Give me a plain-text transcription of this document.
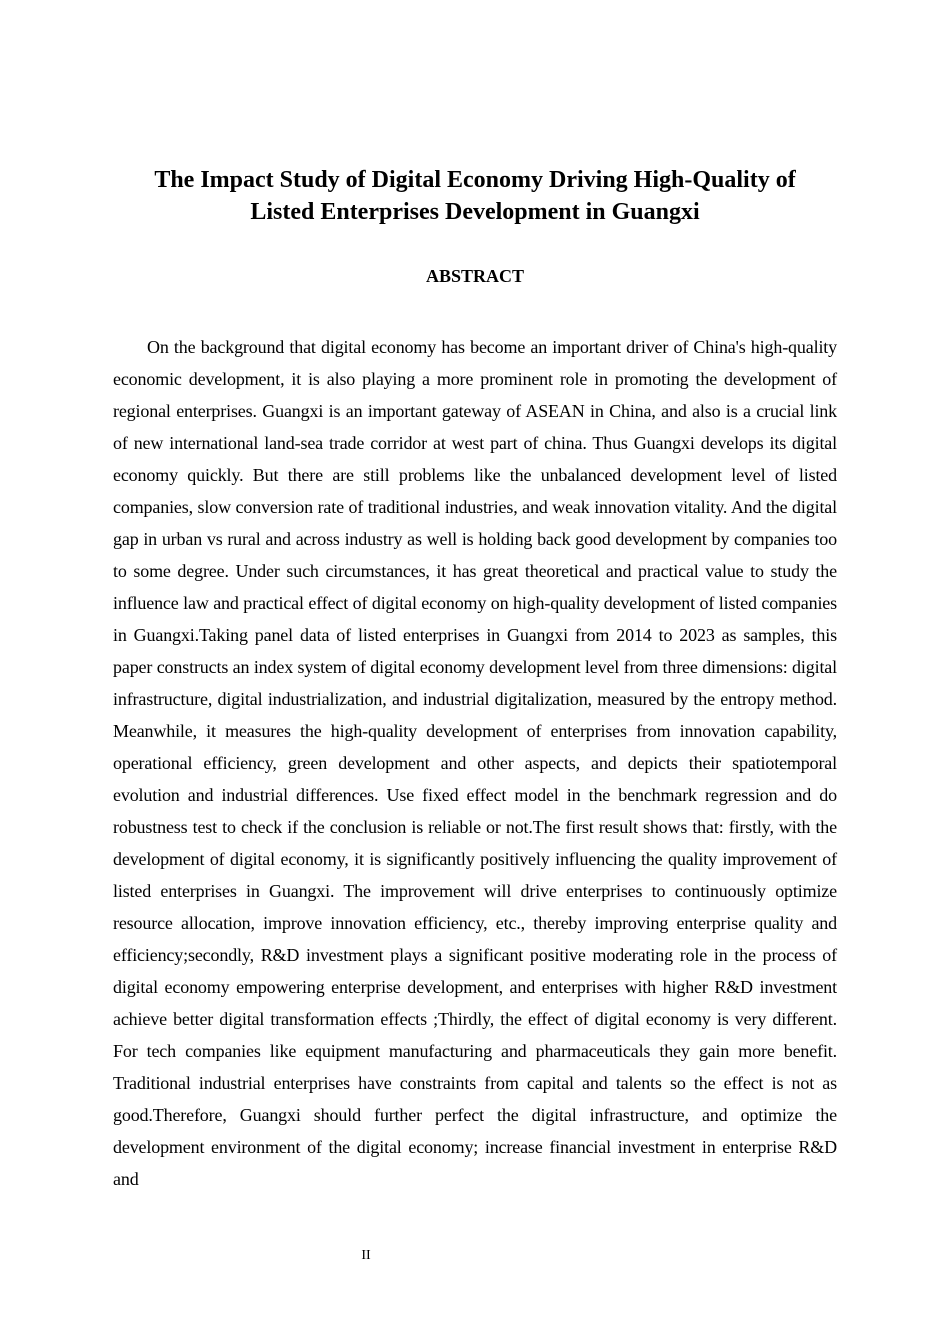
The Impact Study of Digital Economy Driving High-Quality of
Listed Enterprises Development in Guangxi
ABSTRACT

On the background that digital economy has become an important driver of China's high-quality economic development, it is also playing a more prominent role in promoting the development of regional enterprises. Guangxi is an important gateway of ASEAN in China, and also is a crucial link of new international land-sea trade corridor at west part of china. Thus Guangxi develops its digital economy quickly. But there are still problems like the unbalanced development level of listed companies, slow conversion rate of traditional industries, and weak innovation vitality. And the digital gap in urban vs rural and across industry as well is holding back good development by companies too to some degree. Under such circumstances, it has great theoretical and practical value to study the influence law and practical effect of digital economy on high-quality development of listed companies in Guangxi.Taking panel data of listed enterprises in Guangxi from 2014 to 2023 as samples, this paper constructs an index system of digital economy development level from three dimensions: digital infrastructure, digital industrialization, and industrial digitalization, measured by the entropy method. Meanwhile, it measures the high-quality development of enterprises from innovation capability, operational efficiency, green development and other aspects, and depicts their spatiotemporal evolution and industrial differences. Use fixed effect model in the benchmark regression and do robustness test to check if the conclusion is reliable or not.The first result shows that: firstly, with the development of digital economy, it is significantly positively influencing the quality improvement of listed enterprises in Guangxi. The improvement will drive enterprises to continuously optimize resource allocation, improve innovation efficiency, etc., thereby improving enterprise quality and efficiency;secondly, R&D investment plays a significant positive moderating role in the process of digital economy empowering enterprise development, and enterprises with higher R&D investment achieve better digital transformation effects ;Thirdly, the effect of digital economy is very different. For tech companies like equipment manufacturing and pharmaceuticals they gain more benefit. Traditional industrial enterprises have constraints from capital and talents so the effect is not as good.Therefore, Guangxi should further perfect the digital infrastructure, and optimize the development environment of the digital economy; increase financial investment in enterprise R&D and

II
